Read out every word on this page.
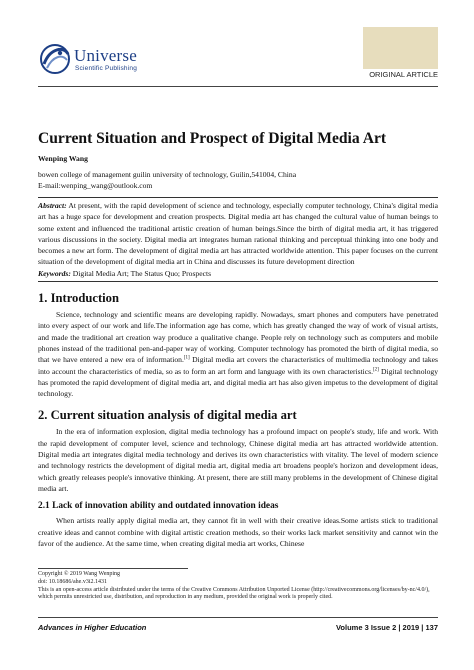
Universe
Scientific Publishing
ORIGINAL ARTICLE
Current Situation and Prospect of Digital Media Art
Wenping Wang
bowen college of management guilin university of technology, Guilin,541004, China
E-mail:wenping_wang@outlook.com
Abstract: At present, with the rapid development of science and technology, especially computer technology, China's digital media art has a huge space for development and creation prospects. Digital media art has changed the cultural value of human beings to some extent and influenced the traditional artistic creation of human beings.Since the birth of digital media art, it has triggered various discussions in the society. Digital media art integrates human rational thinking and perceptual thinking into one body and becomes a new art form. The development of digital media art has attracted worldwide attention. This paper focuses on the current situation of the development of digital media art in China and discusses its future development direction
Keywords: Digital Media Art; The Status Quo; Prospects
1. Introduction
Science, technology and scientific means are developing rapidly. Nowadays, smart phones and computers have penetrated into every aspect of our work and life.The information age has come, which has greatly changed the way of work of visual artists, and made the traditional art creation way produce a qualitative change. People rely on technology such as computers and mobile phones instead of the traditional pen-and-paper way of working. Computer technology has promoted the birth of digital media, so that we have entered a new era of information.[1] Digital media art covers the characteristics of multimedia technology and takes into account the characteristics of media, so as to form an art form and language with its own characteristics.[2] Digital technology has promoted the rapid development of digital media art, and digital media art has also given impetus to the development of digital technology.
2. Current situation analysis of digital media art
In the era of information explosion, digital media technology has a profound impact on people's study, life and work. With the rapid development of computer level, science and technology, Chinese digital media art has attracted worldwide attention. Digital media art integrates digital media technology and derives its own characteristics with vitality. The level of modern science and technology restricts the development of digital media art, digital media art broadens people's horizon and development ideas, which greatly releases people's innovative thinking. At present, there are still many problems in the development of Chinese digital media art.
2.1 Lack of innovation ability and outdated innovation ideas
When artists really apply digital media art, they cannot fit in well with their creative ideas.Some artists stick to traditional creative ideas and cannot combine with digital artistic creation methods, so their works lack market sensitivity and cannot win the favor of the audience. At the same time, when creating digital media art works, Chinese
Copyright © 2019 Wang Wenping
doi: 10.18686/ahe.v3i2.1431
This is an open-access article distributed under the terms of the Creative Commons Attribution Unported License (http://creativecommons.org/licenses/by-nc/4.0/), which permits unrestricted use, distribution, and reproduction in any medium, provided the original work is properly cited.
Advances in Higher Education	Volume 3 Issue 2 | 2019 | 137
